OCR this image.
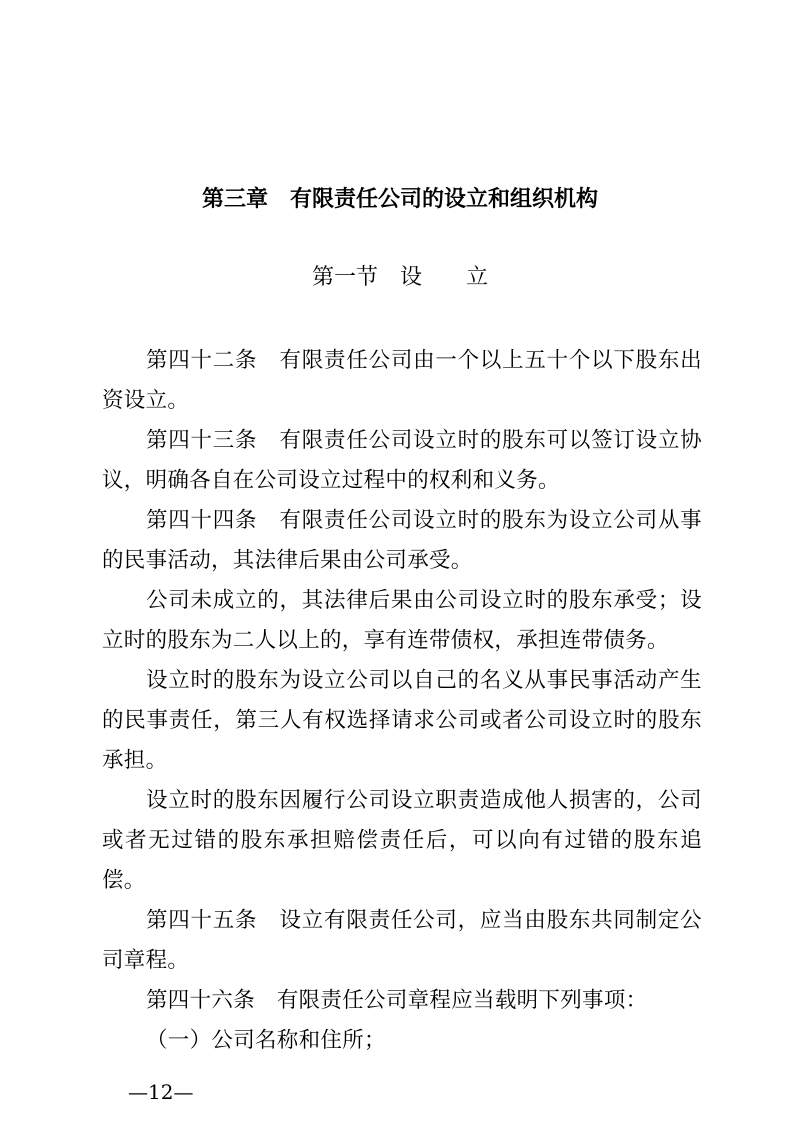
第三章　有限责任公司的设立和组织机构
第一节　设　　立

第四十二条　有限责任公司由一个以上五十个以下股东出资设立。

第四十三条　有限责任公司设立时的股东可以签订设立协议，明确各自在公司设立过程中的权利和义务。

第四十四条　有限责任公司设立时的股东为设立公司从事的民事活动，其法律后果由公司承受。

公司未成立的，其法律后果由公司设立时的股东承受；设立时的股东为二人以上的，享有连带债权，承担连带债务。

设立时的股东为设立公司以自己的名义从事民事活动产生的民事责任，第三人有权选择请求公司或者公司设立时的股东承担。

设立时的股东因履行公司设立职责造成他人损害的，公司或者无过错的股东承担赔偿责任后，可以向有过错的股东追偿。

第四十五条　设立有限责任公司，应当由股东共同制定公司章程。

第四十六条　有限责任公司章程应当载明下列事项：

（一）公司名称和住所；

—12—
